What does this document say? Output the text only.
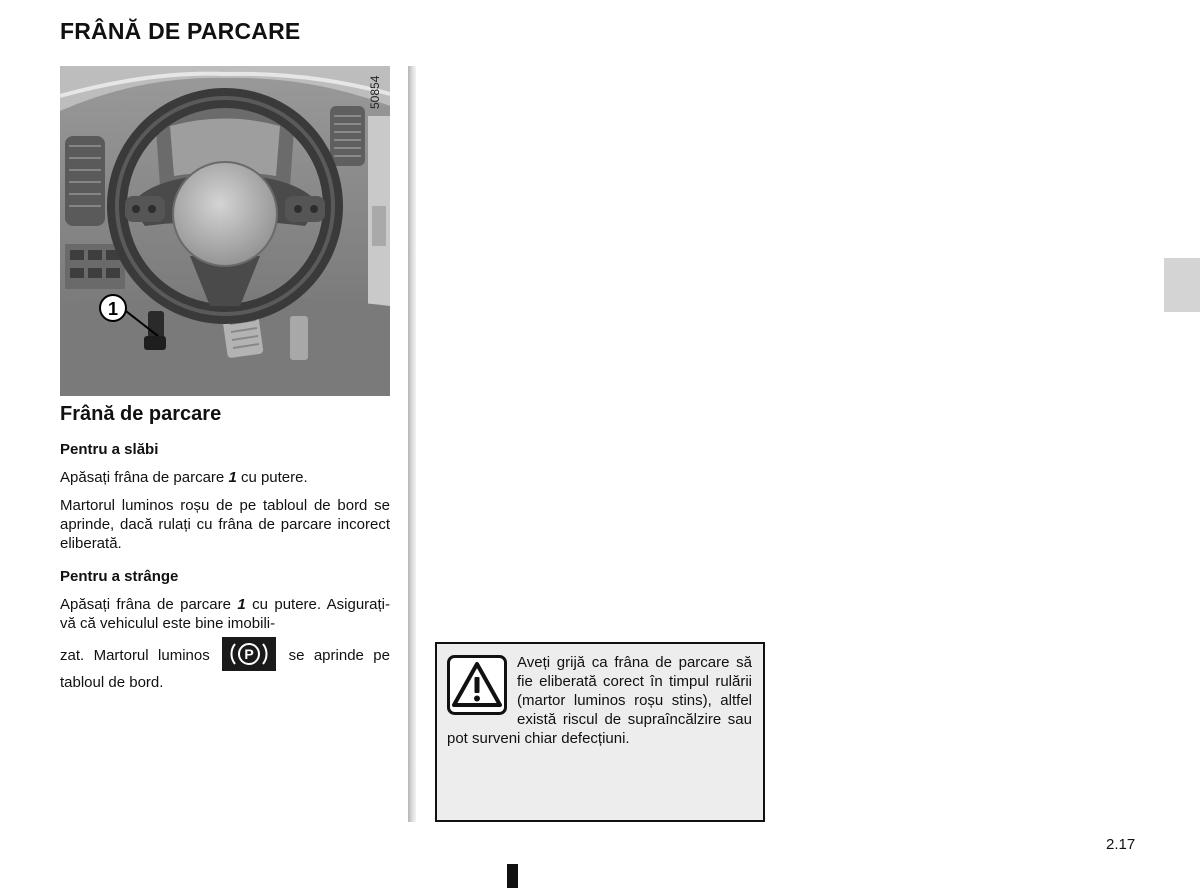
FRÂNĂ DE PARCARE
1
50854
Frână de parcare
Pentru a slăbi

Apăsați frâna de parcare 1 cu putere.

Martorul luminos roșu de pe tabloul de bord se aprinde, dacă rulați cu frâna de parcare incorect eliberată.

Pentru a strânge

Apăsați frâna de parcare 1 cu putere. Asigurați-vă că vehiculul este bine imobili-

zat. Martorul luminos P se aprinde pe tabloul de bord.

Aveți grijă ca frâna de parcare să fie eliberată corect în timpul rulării (martor luminos roșu stins), altfel există riscul de supraîncălzire sau pot surveni chiar defecțiuni.

2.17
